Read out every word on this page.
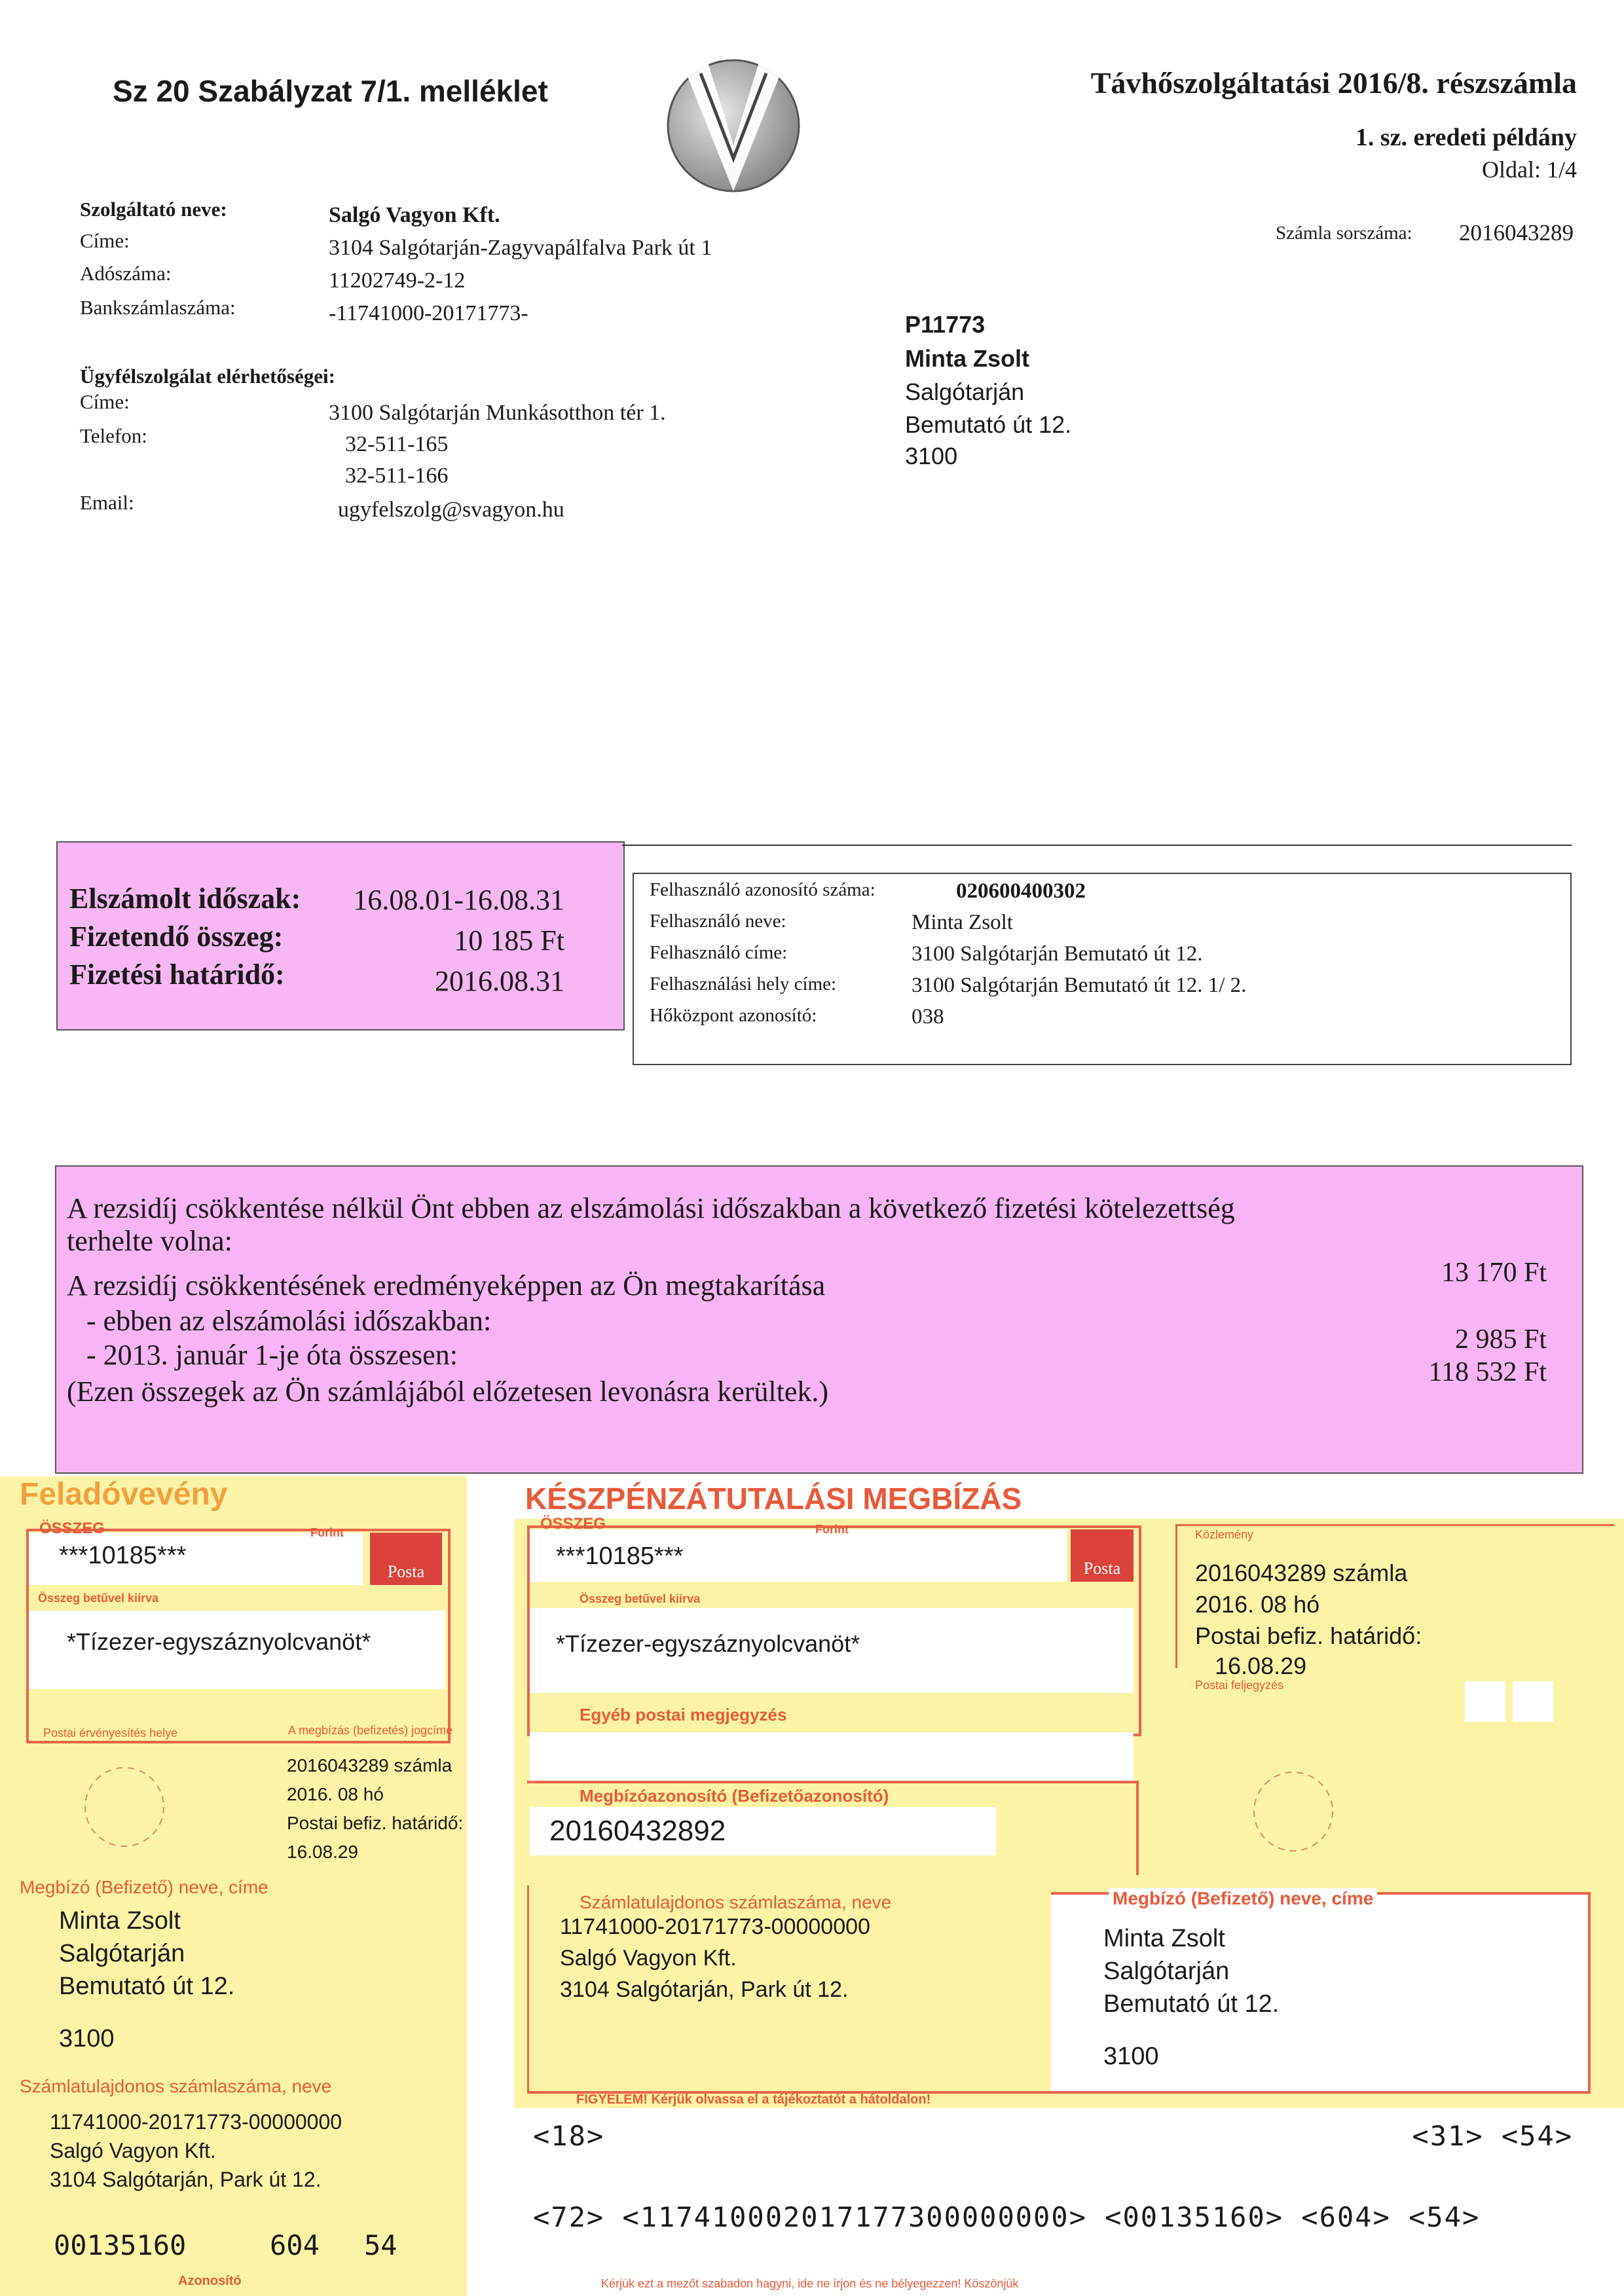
Sz 20 Szabályzat 7/1. melléklet	Távhőszolgáltatási 2016/8. részszámla
1. sz. eredeti példány
Oldal: 1/4
Számla sorszáma: 2016043289
Szolgáltató neve:	Salgó Vagyon Kft.
Címe:	3104 Salgótarján-Zagyvapálfalva Park út 1
Adószáma:	11202749-2-12
Bankszámlaszáma:	-11741000-20171773-
Ügyfélszolgálat elérhetőségei:
Címe:	3100 Salgótarján Munkásotthon tér 1.
Telefon:	32-511-165
32-511-166
Email:	ugyfelszolg@svagyon.hu
P11773
Minta Zsolt
Salgótarján
Bemutató út 12.
3100
Elszámolt időszak: 16.08.01-16.08.31
Fizetendő összeg:	10 185 Ft
Fizetési határidő:	2016.08.31
Felhasználó azonosító száma:	020600400302
Felhasználó neve:	Minta Zsolt
Felhasználó címe:	3100 Salgótarján Bemutató út 12.
Felhasználási hely címe:	3100 Salgótarján Bemutató út 12. 1/ 2.
Hőközpont azonosító:	038
A rezsidíj csökkentése nélkül Önt ebben az elszámolási időszakban a következő fizetési kötelezettség
terhelte volna:
13 170 Ft
A rezsidíj csökkentésének eredményeképpen az Ön megtakarítása
- ebben az elszámolási időszakban:
2 985 Ft
- 2013. január 1-je óta összesen:
118 532 Ft
(Ezen összegek az Ön számlájából előzetesen levonásra kerültek.)
Feladóvevény
ÖSSZEG	Forint
***10185***
Posta
Összeg betűvel kiírva
*Tízezer-egyszáznyolcvanöt*
Postai érvényesítés helye	A megbízás (befizetés) jogcíme
2016043289 számla
2016. 08 hó
Postai befiz. határidő:
16.08.29
Megbízó (Befizető) neve, címe
Minta Zsolt
Salgótarján
Bemutató út 12.
3100
Számlatulajdonos számlaszáma, neve
11741000-20171773-00000000
Salgó Vagyon Kft.
3104 Salgótarján, Park út 12.
00135160	604 54
Azonosító
KÉSZPÉNZÁTUTALÁSI MEGBÍZÁS
ÖSSZEG	Forint
***10185***	Posta
Összeg betűvel kiírva
*Tízezer-egyszáznyolcvanöt*
Egyéb postai megjegyzés
Megbízóazonosító (Befizetőazonosító)
20160432892
Közlemény
2016043289 számla
2016. 08 hó
Postai befiz. határidő:
16.08.29
Postai feljegyzés
Számlatulajdonos számlaszáma, neve
11741000-20171773-00000000
Salgó Vagyon Kft.
3104 Salgótarján, Park út 12.
Megbízó (Befizető) neve, címe
Minta Zsolt
Salgótarján
Bemutató út 12.
3100
FIGYELEM! Kérjük olvassa el a tájékoztatót a hátoldalon!
<18>	<31> <54>
<72> <117410002017177300000000> <00135160> <604> <54>
Kérjük ezt a mezőt szabadon hagyni, ide ne írjon és ne bélyegezzen! Köszönjük
